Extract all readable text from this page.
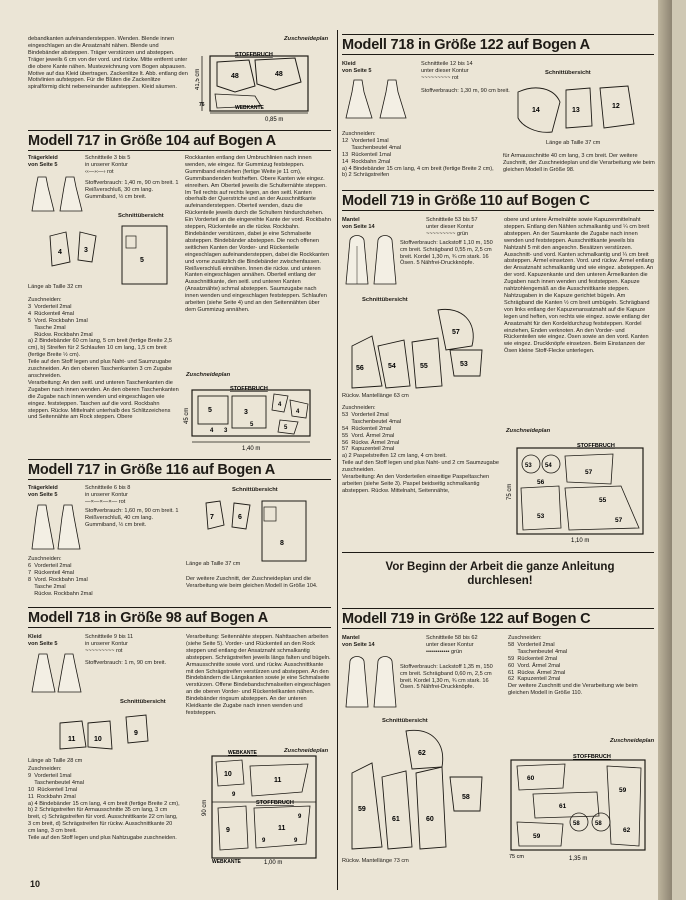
debandkanten aufeinandersteppen. Wenden. Blende innen eingeschlagen an die Ansatznaht nähen. Blende und Bindebänder absteppen. Träger verstürzen und absteppen. Träger jeweils 6 cm von der vord. und rückw. Mitte entfernt unter die obere Kante nähen. Mustezeichnung vom Bogen abpausen. Motive auf das Kleid übertragen. Zackenlitze lt. Abb. entlang den Motivlinien aufsteppen. Für die Blüten die Zackenlitze spiralförmig dicht nebeneinander aufsteppen. Kleid säumen.

Zuschneideplan
48	48
76
STOFFBRUCH
WEBKANTE
0,85 m
41,5 cm
Modell 717 in Größe 104 auf Bogen A
Trägerkleid
von Seite 5
Schnittteile 3 bis 5
in unserer Kontur
‹‹—›‹—› rot
Stoffverbrauch: 1,40 m, 90 cm breit. 1 Reißverschluß, 30 cm lang. Gummiband, ½ cm breit.
Schnittübersicht
4	3
5
Länge ab Taille 32 cm

Zuschneiden:
3  Vorderteil 2mal
4  Rückenteil 4mal
5  Vord. Rockbahn 1mal
Tasche 2mal
Rückw. Rockbahn 2mal
a) 2 Bindebänder 60 cm lang, 5 cm breit (fertige Breite 2,5 cm), b) Streifen für 2 Schlaufen 10 cm lang, 1,5 cm breit (fertige Breite ½ cm).
Teile auf den Stoff legen und plus Naht- und Saumzugabe zuschneiden. An den oberen Taschenkanten 3 cm Zugabe anschneiden.
Verarbeitung: An den seitl. und unteren Taschenkanten die Zugaben nach innen wenden. An den oberen Taschenkanten die Zugabe nach innen wenden und eingeschlagen wie eingez. feststeppen. Taschen auf die vord. Rockbahn steppen. Rückw. Mittelnaht unterhalb des Schlitzzeichens und Seitennähte am Rock steppen. Obere

Rockkanten entlang den Umbruchlinien nach innen wenden, wie eingez. für Gummizug feststeppen. Gummiband einziehen (fertige Weite je 11 cm), Gummibandenden festheften. Obere Kanten wie eingez. einreihen. Am Oberteil jeweils die Schulternähte steppen. Im Teil rechts auf rechts legen, an den seitl. Kanten oberhalb der Querstriche und an der Ausschnittkante aufeinandersteppen. Oberteil wenden, dazu die Rückenteile jeweils durch die Schultern hindurchziehen. Ein Vorderteil an die eingereihte Kante der vord. Rockbahn steppen, Rückenteile an die rückw. Rockbahn. Bindebänder verstürzen, dabei je eine Schmalseite absteppen. Bindebänder absteppen. Die noch offenen seitlichen Kanten der Vorder- und Rückenteile eingeschlagen aufeinandersteppen, dabei die Rockkanten und vorne zusätzlich die Bindebänder zwischenfassen. Reißverschluß einnähen. Innen die rückw. und unteren Kanten eingeschlagen annähen. Oberteil entlang der Ausschnittkante, den seitl. und unteren Kanten (Ansatznähte) schmal absteppen. Saumzugabe nach innen wenden und eingeschlagen feststeppen. Schlaufen arbeiten (siehe Seite 4) und an den Seitennähten über dem Gummizug annähen.

Zuschneideplan
STOFFBRUCH
5	3
5
4
4
5
4 3
1,40 m
45 cm
Modell 717 in Größe 116 auf Bogen A
Trägerkleid
von Seite 5
Schnittteile 6 bis 8
in unserer Kontur
—×—×—×— rot
Stoffverbrauch: 1,60 m, 90 cm breit. 1 Reißverschluß, 40 cm lang. Gummiband, ½ cm breit.

Zuschneiden:
6  Vorderteil 2mal
7  Rückenteil 4mal
8  Vord. Rockbahn 1mal
Tasche 2mal
Rückw. Rockbahn 2mal

Schnittübersicht
7	6
8
Länge ab Taille 37 cm

Der weitere Zuschnitt, der Zuschneideplan und die Verarbeitung wie beim gleichen Modell in Größe 104.

Modell 718 in Größe 98 auf Bogen A
Kleid
von Seite 5
Schnittteile 9 bis 11
in unserer Kontur
~~~~~~~~~ rot
Stoffverbrauch: 1 m, 90 cm breit.
Schnittübersicht
11	10
9
Länge ab Taille 28 cm

Zuschneiden:
9  Vorderteil 1mal
Taschenbeutel 4mal
10  Rückenteil 1mal
11  Rockbahn 2mal
a) 4 Bindebänder 15 cm lang, 4 cm breit (fertige Breite 2 cm), b) 2 Schrägstreifen für Armausschnitte 35 cm lang, 3 cm breit, c) Schrägstreifen für vord. Ausschnittkante 22 cm lang, 3 cm breit, d) Schrägstreifen für rückw. Ausschnittkante 20 cm lang, 3 cm breit.
Teile auf den Stoff legen und plus Nahtzugabe zuschneiden.

Verarbeitung: Seitennähte steppen. Nahttaschen arbeiten (siehe Seite 5). Vorder- und Rückenteil an den Rock steppen und entlang der Ansatznaht schmalkantig absteppen. Schrägstreifen jeweils längs falten und bügeln. Armausschnitte sowie vord. und rückw. Ausschnittkante mit den Schrägstreifen verstürzen und absteppen. An den Bindebändern die Längskanten sowie je eine Schmalseite verstürzen. Offene Bindebandschmalseiten eingeschlagen an die oberen Vorder- und Rückenteilkanten nähen. Bindebänder ringsum absteppen. An der unteren Kleidkante die Zugabe nach innen wenden und feststeppen.

Zuschneideplan
WEBKANTE
STOFFBRUCH
10
11
9	11
9
9
9
9
90 cm
WEBKANTE	1,00 m
Modell 718 in Größe 122 auf Bogen A
Kleid
von Seite 5
Schnittteile 12 bis 14
unter dieser Kontur
~~~~~~~~~ rot
Stoffverbrauch: 1,30 m, 90 cm breit.
Schnittübersicht
14	13
12
Länge ab Taille 37 cm

Zuschneiden:
12  Vorderteil 1mal
Taschenbeutel 4mal
13  Rückenteil 1mal
14  Rockbahn 2mal
a) 4 Bindebänder 15 cm lang, 4 cm breit (fertige Breite 2 cm), b) 2 Schrägstreifen

für Armausschnitte 40 cm lang, 3 cm breit. Der weitere Zuschnitt, der Zuschneideplan und die Verarbeitung wie beim gleichen Modell in Größe 98.

Modell 719 in Größe 110 auf Bogen C
Mantel
von Seite 14
Schnittteile 53 bis 57
unter dieser Kontur
~~~~~~~~~ grün
Stoffverbrauch: Lackstoff 1,10 m, 150 cm breit. Schrägband 0,55 m, 2,5 cm breit. Kordel 1,30 m, ¾ cm stark. 16 Ösen. 5 Nähfrei-Druckknöpfe.
Schnittübersicht
56	54	55
57
53
Rückw. Mantellänge 63 cm

Zuschneiden:
53  Vorderteil 2mal
Taschenbeutel 4mal
54  Rückenteil 2mal
55  Vord. Ärmel 2mal
56  Rückw. Ärmel 2mal
57  Kapuzenteil 2mal
a) 2 Paspelstreifen 12 cm lang, 4 cm breit.
Teile auf den Stoff legen und plus Naht- und 2 cm Saumzugabe zuschneiden.
Verarbeitung: An den Vorderteilen einseitige Paspeltaschen arbeiten (siehe Seite 3). Paspel beidseitig schmalkantig absteppen. Rückw. Mittelnaht, Seitennähte,

obere und untere Ärmelnähte sowie Kapuzenmittelnaht steppen. Entlang den Nähten schmalkantig und ¼ cm breit absteppen. An der Saumkante die Zugabe nach innen wenden und feststeppen. Ausschnittkante jeweils bis Nahtzahl 5 mit den angeschn. Besätzen verstürzen. Ausschnitt- und vord. Kanten schmalkantig und ¼ cm breit absteppen. Ärmel einsetzen. Vord. und rückw. Ärmel entlang der Ansatznaht schmalkantig und wie eingez. absteppen. An der vord. Kapuzenkante und den unteren Ärmelkanten die Zugaben nach innen wenden und feststeppen. Kapuze nahtzohlengemäß an die Ausschnittkante steppen. Nahtzugaben in die Kapuze gerichtet bügeln. Am Schrägband die Kanten ½ cm breit umbügeln. Schrägband von links entlang der Kapuzenansatznaht auf die Kapuze legen und heften, von rechts wie eingez. sowie entlang der Ansatznaht für den Kordeldurchzug feststeppen. Kordel einziehen, Enden verknoten. An den Vorder- und Rückenteilen wie eingez. Ösen sowie an den vord. Kanten wie eingez. Druckknöpfe einsetzen. Beim Einstanzen der Ösen kleine Stoff-Flecke unterlegen.

Zuschneideplan
STOFFBRUCH
53 54
56
55
53
57
57
75 cm
1,10 m
Vor Beginn der Arbeit die ganze Anleitung durchlesen!
Modell 719 in Größe 122 auf Bogen C
Mantel
von Seite 14
Schnittteile 58 bis 62
unter dieser Kontur
•••••••••••• grün
Stoffverbrauch: Lackstoff 1,35 m, 150 cm breit. Schrägband 0,60 m, 2,5 cm breit. Kordel 1,30 m, ¾ cm stark. 16 Ösen. 5 Nähfrei-Druckknöpfe.
Schnittübersicht
59
61	60
62
58
Rückw. Mantellänge 73 cm

Zuschneiden:
58  Vorderteil 2mal
Taschenbeutel 4mal
59  Rückenteil 2mal
60  Vord. Ärmel 2mal
61  Rückw. Ärmel 2mal
62  Kapuzenteil 2mal
Der weitere Zuschnitt und die Verarbeitung wie beim gleichen Modell in Größe 110.

Zuschneideplan
STOFFBRUCH
60
61
58	58
59
59
62
75 cm	1,35 m
10
